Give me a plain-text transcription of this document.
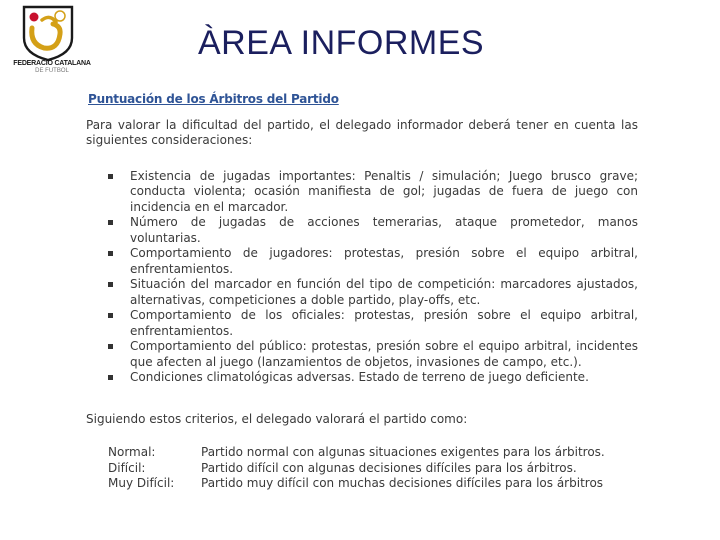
FEDERACIÓ CATALANA
DE FUTBOL
ÀREA INFORMES
Puntuación de los Árbitros del Partido

Para valorar la dificultad del partido, el delegado informador deberá tener en cuenta las siguientes consideraciones:

Existencia de jugadas importantes: Penaltis / simulación; Juego brusco grave; conducta violenta; ocasión manifiesta de gol; jugadas de fuera de juego con incidencia en el marcador.
Número de jugadas de acciones temerarias, ataque prometedor, manos voluntarias.
Comportamiento de jugadores: protestas, presión sobre el equipo arbitral, enfrentamientos.
Situación del marcador en función del tipo de competición: marcadores ajustados, alternativas, competiciones a doble partido, play-offs, etc.
Comportamiento de los oficiales: protestas, presión sobre el equipo arbitral, enfrentamientos.
Comportamiento del público: protestas, presión sobre el equipo arbitral, incidentes que afecten al juego (lanzamientos de objetos, invasiones de campo, etc.).
Condiciones climatológicas adversas. Estado de terreno de juego deficiente.

Siguiendo estos criterios, el delegado valorará el partido como:

Normal:	Partido normal con algunas situaciones exigentes para los árbitros.
Difícil:	Partido difícil con algunas decisiones difíciles para los árbitros.
Muy Difícil:	Partido muy difícil con muchas decisiones difíciles para los árbitros
